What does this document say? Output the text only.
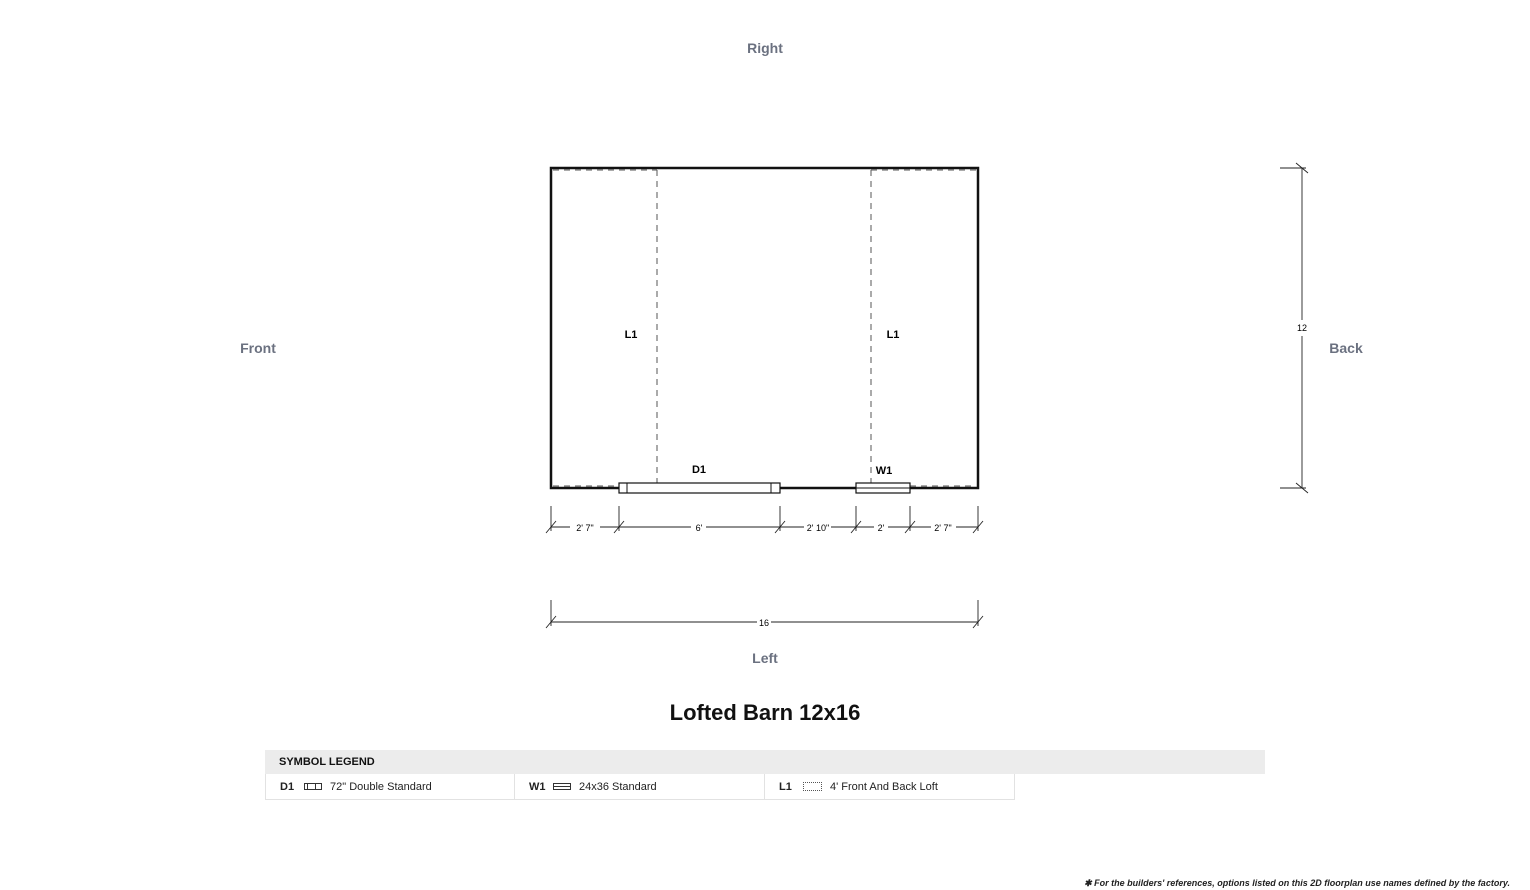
Right
Front	Back
Left
L1	L1
D1	W1
2' 7"	6'	2' 10"	2'	2' 7"
16
12
Lofted Barn 12x16
SYMBOL LEGEND
D1	72" Double Standard	W1	24x36 Standard	L1	4' Front And Back Loft
✱ For the builders' references, options listed on this 2D floorplan use names defined by the factory.
